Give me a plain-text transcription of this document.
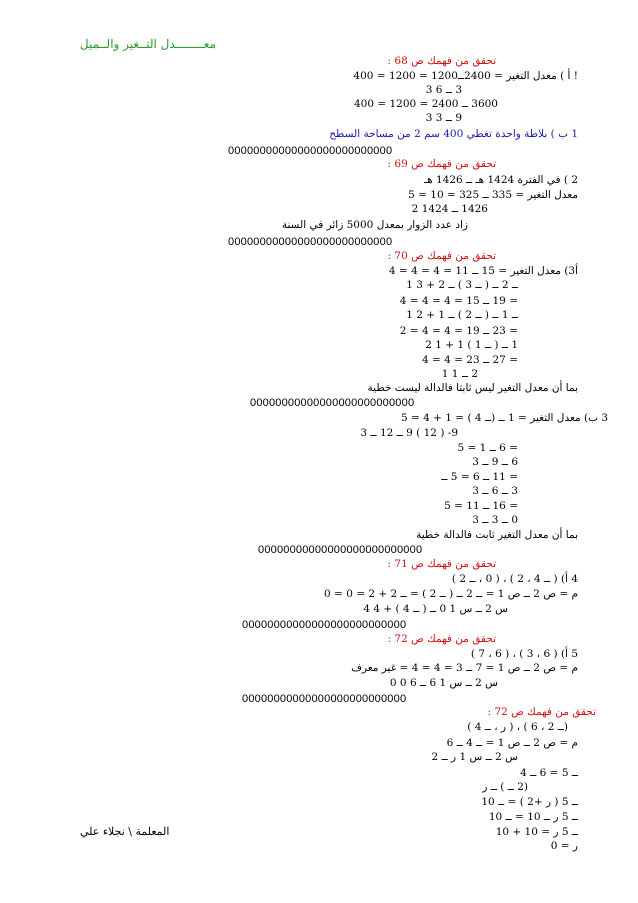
معــــــــدل التــغير والــميل
تحقق من فهمك ص 68 :
! أ ) معدل التغير = 2400ــ1200 = 1200 = 400
3 ــ 6 3
3600 ــ 2400 = 1200 = 400
9 ــ 3 3
1 ب ) بلاطة واحدة تغطي 400 سم 2 من مساحة السطح
00000000000000000000000000
تحقق من فهمك ص 69 :
2 ) في الفترة 1424 هـ ــ 1426 هـ
معدل التغير = 335 ــ 325 = 10 = 5
1426 ــ 1424 2
زاد عدد الزوار بمعدل 5000 زائر في السنة
00000000000000000000000000
تحقق من فهمك ص 70 :
أ3) معدل التغير = 15 ــ 11 = 4 = 4 = 4
ــ 2 ــ ( ــ 3 ) ــ 2 + 3 1
= 19 ــ 15 = 4 = 4 = 4
ــ 1 ــ ( ــ 2 ) ــ 1 + 2 1
= 23 ــ 19 = 4 = 4 = 2
1 ــ ( ــ 1 ) 1 + 1 2
= 27 ــ 23 = 4 = 4
2 ــ 1 1
بما أن معدل التغير ليس ثابتا فالدالة ليست خطية
00000000000000000000000000
3 ب) معدل التغير = 1 ــ (ــ 4 ) = 1 + 4 = 5
9- ( 12 ) 9 ــ 12 ــ 3
= 6 ــ 1 = 5
6 ــ 9 ــ 3
= 11 ــ 6 = 5 ــ
3 ــ 6 ــ 3
= 16 ــ 11 = 5
0 ــ 3 ــ 3
بما أن معدل التغير ثابت فالدالة خطية
00000000000000000000000000
تحقق من فهمك ص 71 :
4 أ) ( ــ 4 ، 2 ) ، ( 0 ، ــ 2 )
م = ص 2 ــ ص 1 = ــ 2 ــ ( ــ 2 ) = ــ 2 + 2 = 0 = 0
س 2 ــ س 1 0 ــ ( ــ 4 ) + 4 4
00000000000000000000000000
تحقق من فهمك ص 72 :
5 أ) ( 6 ، 3 ) ، ( 6 ، 7 )
م = ص 2 ــ ص 1 = 7 ــ 3 = 4 = 4 = غير معرف
س 2 ــ س 1 6 ــ 6 0 0
00000000000000000000000000
تحقق من فهمك ص 72 :
(ــ 2 ، 6 ) ، ( ر ، ــ 4 )
م = ص 2 ــ ص 1 = ــ 4 ــ 6
س 2 ــ س 1 ر ــ 2
ــ 5 = 6 ــ 4
(2 ــ ) ــ ر
ــ 5 ( ر +2 ) = ــ 10
ــ 5 ر ــ 10 = ــ 10
ــ 5 ر = 10 + 10
ر = 0
المعلمة \ نجلاء علي
